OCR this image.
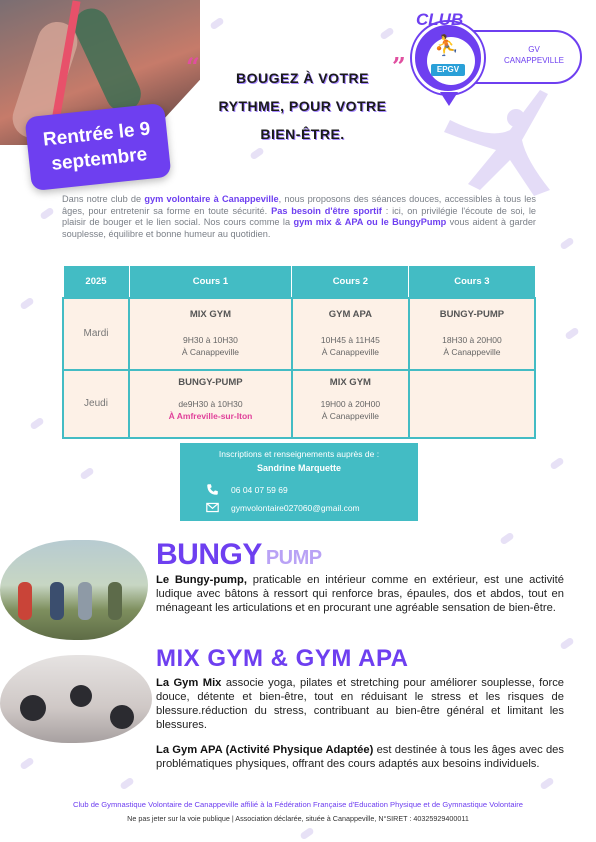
Rentrée le 9
septembre
“	”
BOUGEZ À VOTRE
RYTHME, POUR VOTRE
BIEN-ÊTRE.
CLUB
⛹
EPGV
GV
CANAPPEVILLE

Dans notre club de gym volontaire à Canappeville, nous proposons des séances douces, accessibles à tous les âges, pour entretenir sa forme en toute sécurité. Pas besoin d'être sportif : ici, on privilégie l'écoute de soi, le plaisir de bouger et le lien social. Nos cours comme la gym mix & APA ou le BungyPump vous aident à garder souplesse, équilibre et bonne humeur au quotidien.

2025	Cours 1	Cours 2	Cours 3
Mardi	MIX GYM
9H30 à 10H30
À Canappeville	GYM APA
10H45 à 11H45
À Canappeville	BUNGY-PUMP
18H30 à 20H00
À Canappeville

Jeudi	BUNGY-PUMP
de9H30 à 10H30
À Amfreville-sur-Iton	MIX GYM
19H00 à 20H00
À Canappeville	

Inscriptions et renseignements auprès de :
Sandrine Marquette
06 04 07 59 69
gymvolontaire027060@gmail.com
BUNGY PUMP

Le Bungy-pump, praticable en intérieur comme en extérieur, est une activité ludique avec bâtons à ressort qui renforce bras, épaules, dos et abdos, tout en ménageant les articulations et en procurant une agréable sensation de bien-être.

MIX GYM & GYM APA

La Gym Mix associe yoga, pilates et stretching pour améliorer souplesse, force douce, détente et bien-être, tout en réduisant le stress et les risques de blessure.réduction du stress, contribuant au bien-être général et limitant les blessures.

La Gym APA (Activité Physique Adaptée) est destinée à tous les âges avec des problématiques physiques, offrant des cours adaptés aux besoins individuels.

Club de Gymnastique Volontaire de Canappeville affilié à la Fédération Française d'Education Physique et de Gymnastique Volontaire
Ne pas jeter sur la voie publique | Association déclarée, située à Canappeville, N°SIRET : 40325929400011
